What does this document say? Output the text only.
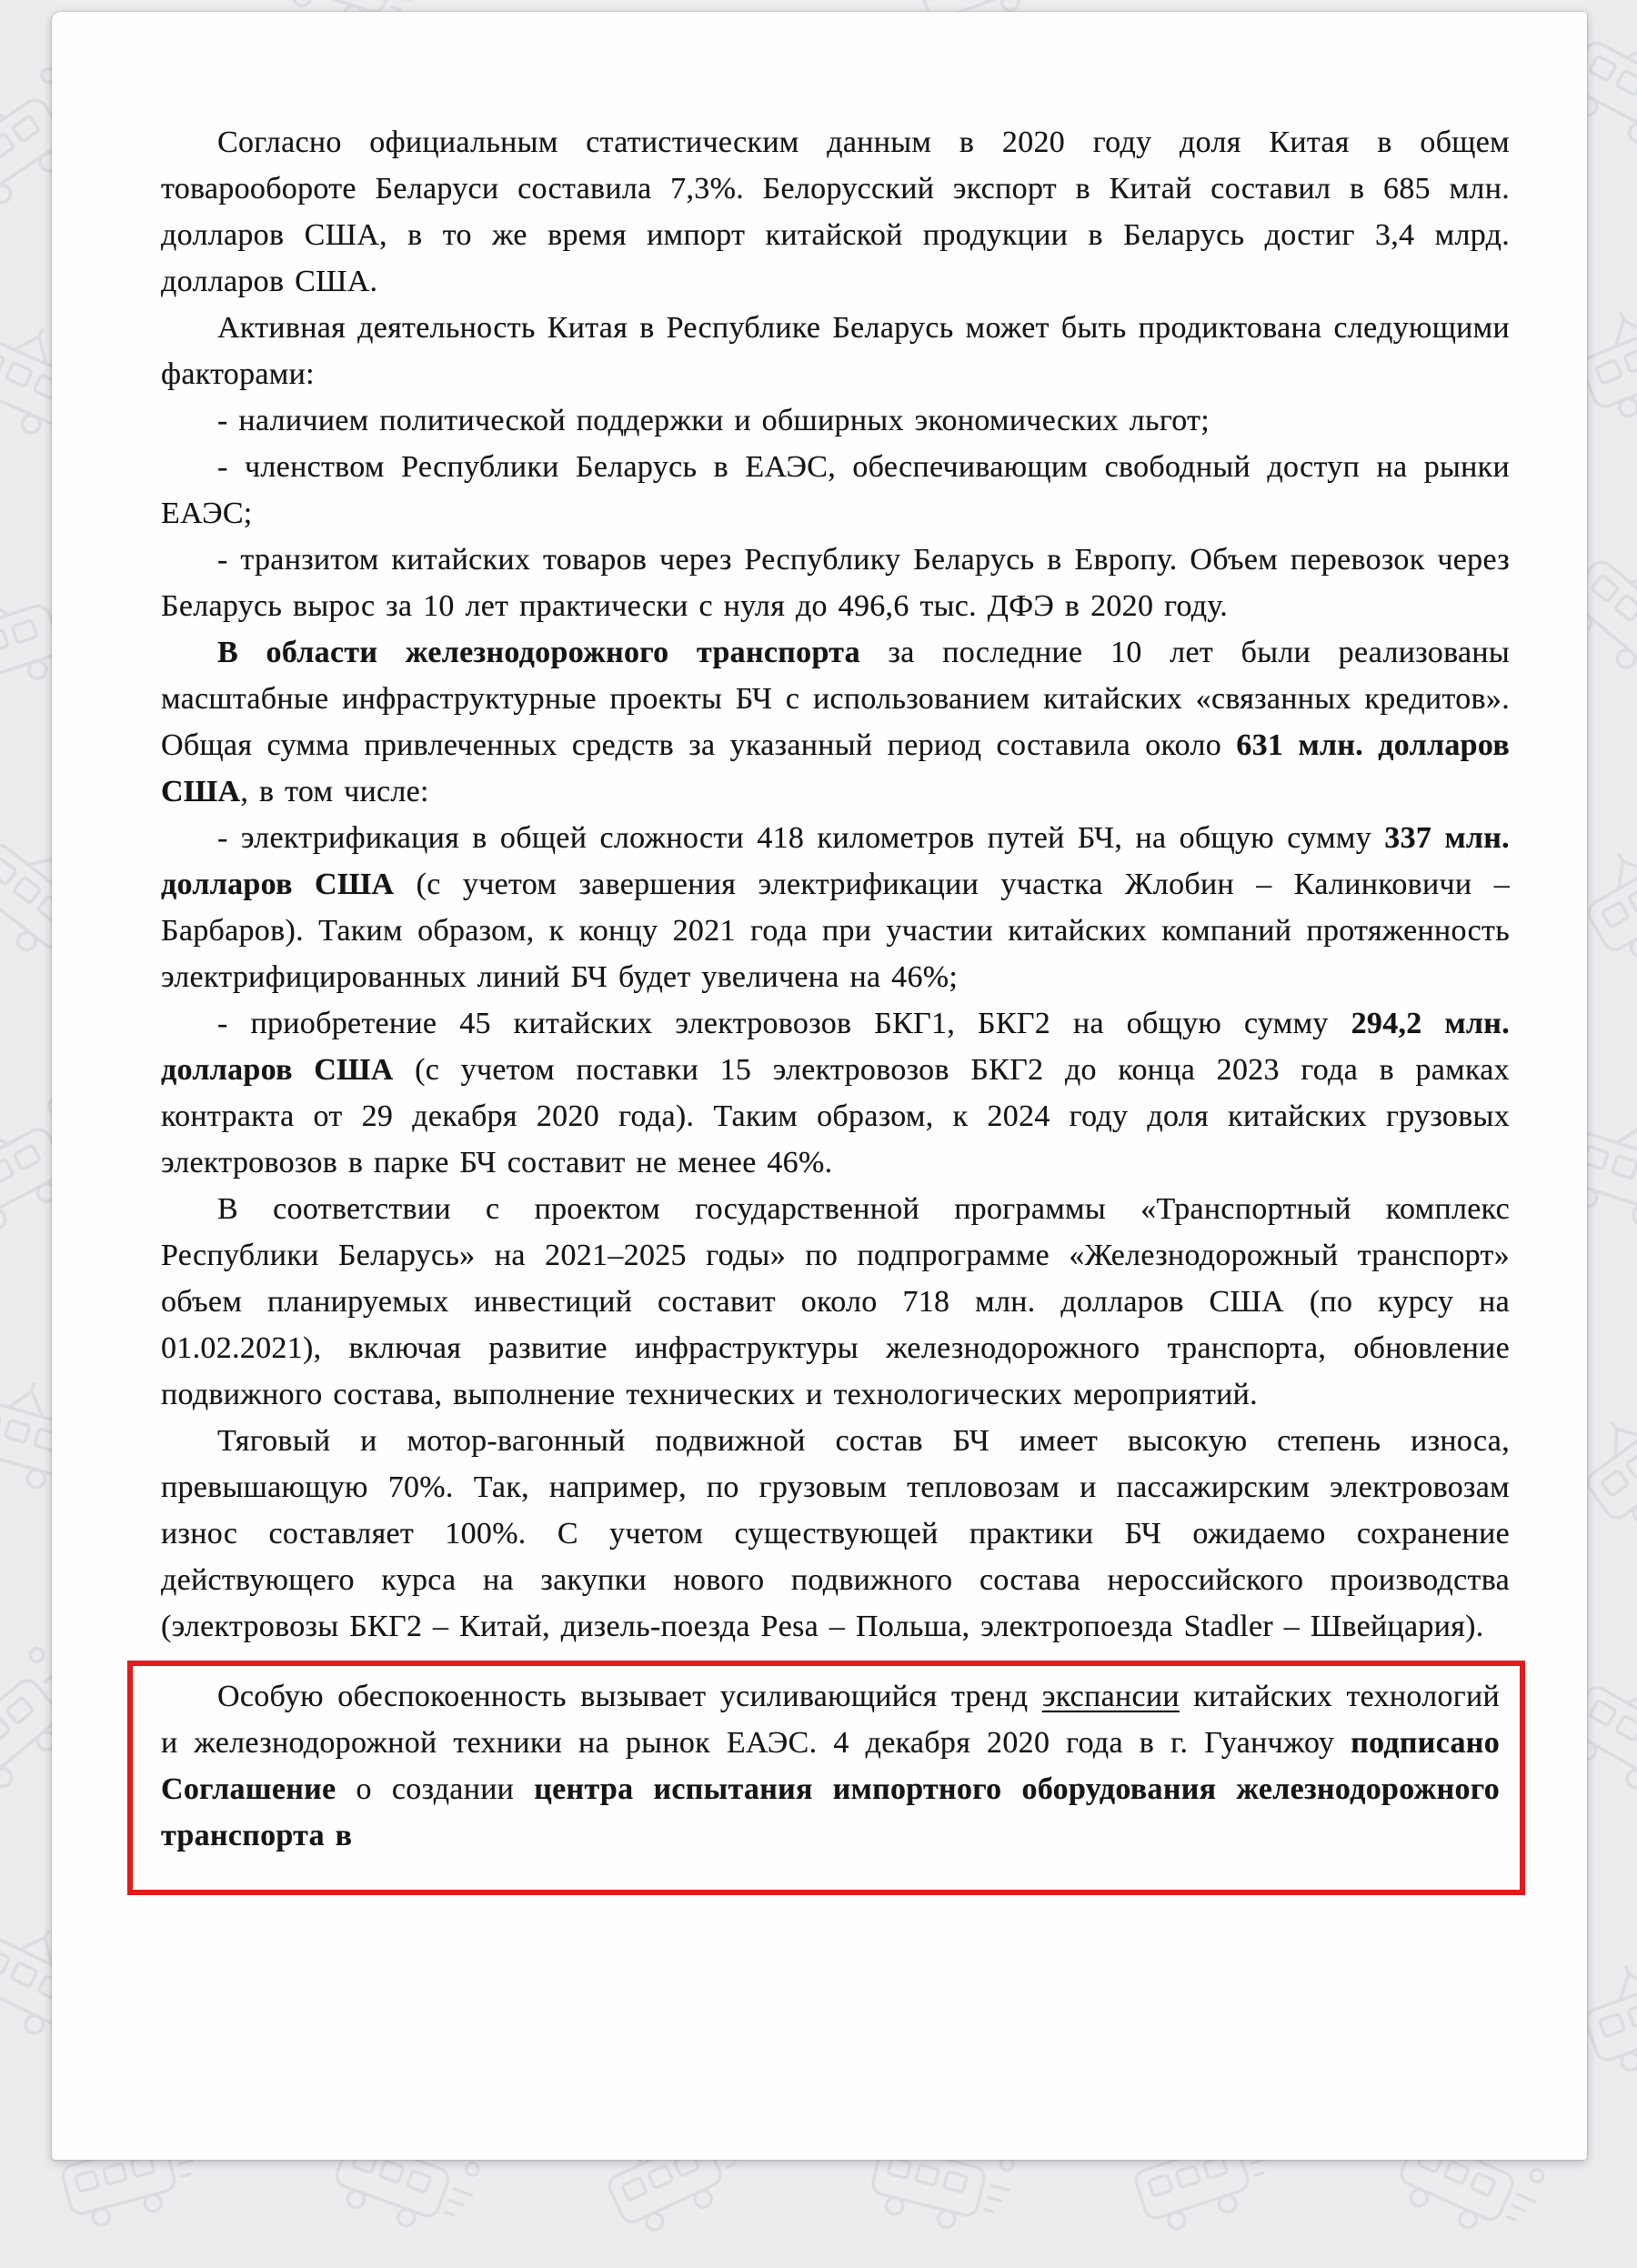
Согласно официальным статистическим данным в 2020 году доля Китая в общем товарообороте Беларуси составила 7,3%. Белорусский экспорт в Китай составил в 685 млн. долларов США, в то же время импорт китайской продукции в Беларусь достиг 3,4 млрд. долларов США.

Активная деятельность Китая в Республике Беларусь может быть продиктована следующими факторами:

- наличием политической поддержки и обширных экономических льгот;

- членством Республики Беларусь в ЕАЭС, обеспечивающим свободный доступ на рынки ЕАЭС;

- транзитом китайских товаров через Республику Беларусь в Европу. Объем перевозок через Беларусь вырос за 10 лет практически с нуля до 496,6 тыс. ДФЭ в 2020 году.

В области железнодорожного транспорта за последние 10 лет были реализованы масштабные инфраструктурные проекты БЧ с использованием китайских «связанных кредитов». Общая сумма привлеченных средств за указанный период составила около 631 млн. долларов США, в том числе:

- электрификация в общей сложности 418 километров путей БЧ, на общую сумму 337 млн. долларов США (с учетом завершения электрификации участка Жлобин – Калинковичи – Барбаров). Таким образом, к концу 2021 года при участии китайских компаний протяженность электрифицированных линий БЧ будет увеличена на 46%;

- приобретение 45 китайских электровозов БКГ1, БКГ2 на общую сумму 294,2 млн. долларов США (с учетом поставки 15 электровозов БКГ2 до конца 2023 года в рамках контракта от 29 декабря 2020 года). Таким образом, к 2024 году доля китайских грузовых электровозов в парке БЧ составит не менее 46%.

В соответствии с проектом государственной программы «Транспортный комплекс Республики Беларусь» на 2021–2025 годы» по подпрограмме «Железнодорожный транспорт» объем планируемых инвестиций составит около 718 млн. долларов США (по курсу на 01.02.2021), включая развитие инфраструктуры железнодорожного транспорта, обновление подвижного состава, выполнение технических и технологических мероприятий.

Тяговый и мотор-вагонный подвижной состав БЧ имеет высокую степень износа, превышающую 70%. Так, например, по грузовым тепловозам и пассажирским электровозам износ составляет 100%. С учетом существующей практики БЧ ожидаемо сохранение действующего курса на закупки нового подвижного состава нероссийского производства (электровозы БКГ2 – Китай, дизель-поезда Pesa – Польша, электропоезда Stadler – Швейцария).

Особую обеспокоенность вызывает усиливающийся тренд экспансии китайских технологий и железнодорожной техники на рынок ЕАЭС. 4 декабря 2020 года в г. Гуанчжоу подписано Соглашение о создании центра испытания импортного оборудования железнодорожного транспорта в
